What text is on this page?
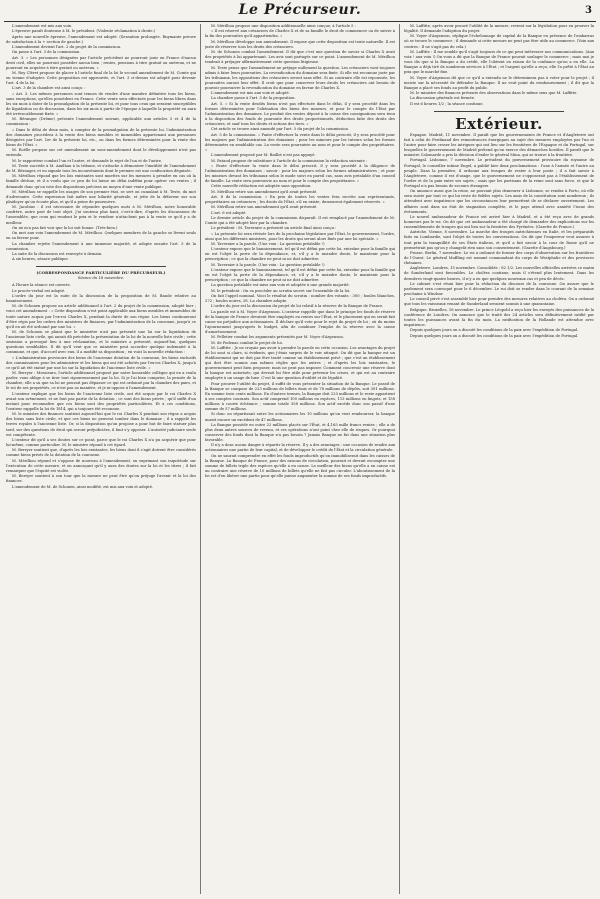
Le Précurseur.	3

L'amendement est mis aux voix.

L'épreuve paraît douteuse à M. le président. (Violente réclamation à droite.)

Après une nouvelle épreuve, l'amendement est adopté. (Sensation prolongée. Ruymante preuve de satisfaction à la + section de gauche.)

L'amendement devient l'art. 2 du projet de la commission.

On passe à l'art. 3 de la commission.

Art. 3. « Les personnes désignées par l'article précédent ne pourront jouir en France d'aucun droit civil, elles ne pourront posséder aucun bien ; rentes, pensions à titre gratuit ou onéreux, et ne pourront en acquérir à titre gratuit ou onéreux. »

M. Roy Cléret propose de placer à l'article final de la loi le second amendement de M. Comte qui en vienne d'adopter. Cette proposition est approuvée, et l'art. 3 ci-dessus est adopté pour devenir l'art. 4 de la loi.

L'art. 3 de la chambre est ainsi conçu :

« Art. 3. Les mêmes personnes sont tenues de vendre d'une manière définitive tous les biens, sans exceptions, qu'elles possèdent en France. Cette vente sera effectuée pour les biens libres dans les six mois à dater de la promulgation de la présente loi, et pour tous ceux qui seraient susceptibles de liquidation ou de discussion, dans les six mois à partir de l'époque à laquelle la propriété en aura été irrévocablement fixée. »

M. Béranger (Drôme) présente l'amendement suivant, applicable aux articles 3 et 4 de la commission :

« Dans le délai de deux mois, à compter de la promulgation de la présente loi, l'administration des domaines procédera à la vente des biens meubles et immeubles appartenant aux personnes désignées par l'art. 1er de la présente loi, etc., ou dans les formes déterminées pour la vente des biens de l'État. »

M. Roëlle propose sur cet amendement un sous-amendement dont le développement n'est pas entendu.

M. le rapporteur combat l'un et l'autre, et demande le rejet de l'un et de l'autre.

M. Teste succède à M. Amilhau à la tribune, et s'attache à démontrer l'inutilité de l'amendement de M. Béranger, et en signale tous les inconvénients dont le premier est une confiscation déguisée.

M. Mérilhou répond que les lois existantes sont muettes sur les mesures à prendre en cas où la famille déchue, et il a voulu que ce peu de loi laisse un délai indéfini pour opérer ces ventes ; il demande donc qu'on vote des dispositions précises au moyen d'une vente publique.

M. Mérilhou se rappelle les usages de son premier état, se sert on cumulant à M. Teste, du mot d'adversaire. Cette expression fait naître une hilarité générale, et jette de la défaveur sur son plaidoyer qu'on écoute plus, et qu'il a peine de poursuivre.

M. Jacobius : il est nécessaire de répondre quelques mots à M. Mérilhou, notre honorable confrère, autre part de tout objet. J'ai soutenu plus haut, c'est-à-dire, d'après les discussions de l'assemblée, que ceux qui rendent le prix et le vendeur n'attachent pas à la vente ce qu'il y a de meilleur.

On ne m'a pas fait voir que la loi soit bonne. (Très-bien.)

On met aux voix l'amendement de M. Mérilhou. Quelques membres de la gauche se lèvent seuls en sa faveur pour.

La chambre rejette l'amendement à une immense majorité, et adopte ensuite l'art. 3 de la commission.

La suite de la discussion est renvoyée à demain.

A six heures, séance publique.

(CORRESPONDANCE PARTICULIÈRE DU PRÉCURSEUR.)

Séance du 18 novembre.

A l'heure la séance est ouverte.

Le procès-verbal est adopté.

L'ordre du jour est la suite de la discussion de la proposition de M. Baude relative au bannissement.

M. de Schonen propose un article additionnel à l'art. 2 du projet de la commission, adopté hier ; voici cet amendement : « Cette disposition n'est point applicable aux biens meubles et immeubles de toute nature acquis par l'ex-roi Charles X, pendant la durée de son règne. Les biens continueront d'être régis par les ordres des ministres de finances, par l'administration de la couronne, jusqu'à ce qu'il en ait été ordonné par une loi. »

M. de Schonen se plaint que le ministère n'ait pas présenté une loi sur la liquidation de l'ancienne liste civile, qui aurait dû précéder la présentation de la loi de la nouvelle liste civile ; cette omission a provoqué lieu à une réclamation, et le ministre a présenté, aujourd'hui, quelques questions semblables. Il dit qu'il veut que ce ministère peut accorder quelque indemnité à la commune, et que, d'accord avec eux, il a modifié sa disposition ; en voici la nouvelle rédaction :

« L'administration provisoire des biens de l'ancienne dotation de la couronne, les biens exclusifs des commissaires pour les administrer et les biens qui ont été achetés par l'ex-roi Charles X, jusqu'à ce qu'il ait été statué par une loi sur la liquidation de l'ancienne liste civile. »

M. Berryer : Messieurs, l'article additionnel proposé par notre honorable collègue qui en a voulu parler, vous oblige à se tirer tout rigoureusement par la loi. Si je l'ai bien comprise, la pensée de la chambre, elle a su que sa loi ne pouvait pas dépasser ce qui est ordonné par la chambre des pairs, et le roi de ses propriétés, ce n'est pas sa manière, et je m'oppose à l'amendement.

L'orateur explique que les biens de l'ancienne liste civile, ont été acquis par le roi Charles X avant son avènement, et ne font pas partie de la dotation ; ce sont des biens privés ; qu'il suffit d'un instant pour reconnaître que ces biens sont des propriétés particulières. Et à ces conditions, l'orateur rappelle la loi de 1814, qui a toujours été reconnue.

M. le ministre des finances soutient aujourd'hui que le roi Charles X pendant son règne a acquis des biens sans liste civile, et que ces biens ne peuvent tomber dans le domaine ; il a rappelé les terres royales à l'ancienne liste. Or, si la disposition qu'on propose a pour but de faire statuer plus tard, sur des questions de droit qui seront préjudiciées, il faut s'y opposer. L'autorité judiciaire seule est compétente.

L'orateur dit qu'il a ses doutes sur ce point, parce que le roi Charles X n'a pu acquérir que pour lui-même, comme particulier. M. le ministre répond à cet égard.

M. Berryer soutient que, d'après les lois existantes, les biens dont il s'agit doivent être considérés comme biens privés de la dotation de la couronne.

M. Mérilhou répond et s'oppose de nouveau à l'amendement, en exprimant son inquiétude sur l'exécution de cette mesure, et en annonçant qu'il y aura des doutes sur la loi et les titres ; il fait remarquer que l'équité est violée.

M. Berryer soutient à son tour que la mesure ne peut être qu'on préjuge l'avenir et la loi des finances.

L'amendement de M. de Schonen, ainsi modifié, est mis aux voix et adopté.

M. Mérilhou propose une disposition additionnelle ainsi conçue, à l'article 5 :

« Il est réservé aux créanciers de Charles X et de sa famille le droit de commencer ou de suivre à la fin des poursuites qu'il appartiendra. »

M. Mérilhou développe son amendement. Il expose que cette disposition est toute naturelle. Il est juste de réserver tous les droits des créanciers.

M. de Schonen combat l'amendement. Il dit que c'est une question de savoir si Charles X avait des propriétés à lui appartenant. Les avis sont partagés sur ce point. L'amendement de M. Mérilhou tendrait à préjuger affirmativement cette question litigieuse.

M. Teste pense que l'amendement ne préjuge nullement la question. Les créanciers vont toujours admis à faire leurs poursuites. La revendication du domaine sera fixée. Si elle est reconnue juste par les tribunaux, les oppositions des créanciers seront sans effet. Si au contraire elle est repoussée, les poursuites auront leur effet. Il croit que pour conserver leurs droits les créanciers ont besoin de pouvoir poursuivre la revendication du domaine en faveur de Charles X.

L'amendement est mis aux voix et adopté.

La chambre passe à l'art. 5 de la proposition.

Art. 5. « Si la vente desdits biens n'est pas effectuée dans le délai, il y sera procédé dans les formes déterminées pour l'aliénation des biens des mineurs, et pour le compte de l'État par l'administration des domaines. Le produit des ventes déposé à la caisse des consignations sera tenu à la disposition des fonds de poursuite des droits proportionnels, déduction faite des droits des créanciers, et sauf tous les droits et actions des tiers. »

Cet article se trouve ainsi amendé par l'art. 5 du projet de la commission.

Art. 5 de la commission. « Faute d'effectuer la vente dans le délai prescrit, il y sera procédé pour les majeurs par l'administration des domaines ; pour les mineurs par les tuteurs selon les formes déterminées en semblable cas. La vente sera poursuivie au nom et pour le compte des propriétaires. »

L'amendement proposé par M. Baillot n'est pas appuyé.

M. Pataud propose de substituer à l'article de la commission la rédaction suivante :

« Faute d'effectuer la vente dans le délai prescrit, il y sera procédé à la diligence de l'administration des domaines ; savoir : pour les majeurs selon les formes administratives ; et pour les mineurs devant les tribunaux selon le mode suivi en pareil cas, sans avis préalable d'un conseil de famille. La vente sera poursuivie au nom et pour le compte des propriétaires. »

Cette nouvelle rédaction est adoptée sans opposition.

M. Mérilhou retire son amendement qu'il avait présenté.

Art. 6 de la commission. « En prix de toutes les ventes fera recette aux représentants, propriétaires ou créanciers ; les droits de l'État, s'il en existe, demeurent également réservés. »

M. Mérilhou retire son amendement qu'il avait présenté.

L'art. 6 est adopté.

Le dernier article du projet de la commission disparaît. Il est remplacé par l'amendement de M. Comte qui a été adopté hier par la chambre.

Le président : M. Tavernier a présenté un article final ainsi conçu :

« La présente loi sera révisée lors de la prochaine législature par l'État, le gouvernement, l'ordre, ainsi que les différents ministres, pour les droits qui seront alors fixés par une loi spéciale. »

M. Tavernier a la parole. (Une voix : La question préalable !)

L'orateur expose que le bannissement, tel qu'il est défini par cette loi, entraîne pour la famille qui en est l'objet la perte de la dépendance, et, s'il y a le moindre doute, le maintenir pour la prescription ; ce que la chambre ne peut ni ne doit admettre.

M. Tavernier à la parole. (Une voix : La question préalable !)

L'orateur expose que le bannissement, tel qu'il est défini par cette loi, entraîne pour la famille qui en est l'objet la perte de la dépendance, et, s'il y a le moindre doute, le maintenir pour la prescription ; ce que la chambre ne peut ni ne doit admettre.

La question préalable est mise aux voix et adoptée à une grande majorité.

M. le président : On va procéder au scrutin secret sur l'ensemble de la loi.

On fait l'appel nominal. Voici le résultat du scrutin : nombre des votants : 300 ; boules blanches, 272 ; boules noires, 28. La chambre adopte.

L'ordre du jour est la discussion du projet de loi relatif à la réserve de la Banque de France.

La parole est à M. Voyer d'Argenson. L'orateur rappelle que dans le principe les fonds de réserve de la banque de France devaient être employés en rentes sur l'État, et le placement qui en serait fait cause un préjudice aux actionnaires. Il déclare qu'il vote pour le rejet du projet de loi ; où du moins l'ajournement jusqu'après le budget, afin de combiner l'emploi de la réserve avec la caisse d'amortissement.

M. Pelletier combat les arguments présentés par M. Voyer d'Argenson.

M. de Podenas combat le projet de loi.

M. Laffitte : Je ne croyais pas avoir à prendre la parole en cette occasion. Les avantages du projet de loi sont si clairs, si évidents, que j'étais surpris de le voir attaqué. On dit que la banque est un établissement qui ne doit pas être traité comme un établissement privé ; que c'est un établissement qui doit être soumis aux mêmes règles que les autres ; et d'après les lois existantes, le gouvernement peut bien proposer, mais ne peut pas imposer. Comment concevoir une réserve dont la banque est autorisée, qui devrait lui être utile pour prévenir les crises, et qui est au contraire employée à un usage de luxe. C'est là une question d'utilité et de légalité.

Pour prouver l'utilité du projet, il suffit de vous présenter la situation de la Banque. Le passif de la Banque se compose de 223 millions de billets émis et de 78 millions de dépôts, soit 301 millions. En somme trois cents millions. En d'autres termes, la Banque doit 223 millions et le reste appartient à ses comptes courants. Son actif comprend 100 millions en espèces, 113 millions en lingots, et 158 millions à courte échéance ; somme totale 358 millions. Son actif excède donc son passif d'une somme de 57 millions.

Si donc on répartissait entre les actionnaires les 10 millions qu'on veut rembourser, la banque aurait encore un excédent de 47 millions.

La Banque possède en outre 22 millions placés sur l'État, et 4,165 mille francs rentes ; elle a de plus deux autres sources de revenu, et ces opérations n'ont point chez elle de risques. Or pourquoi conserver des fonds dont la Banque n'a pas besoin ? Jamais Banque ne fut dans une situation plus favorable.

Il n'y a donc aucun danger à répartir la réserve. Il y a des avantages : une occasion de rendre aux actionnaires une partie de leur capital, et de développer le crédit de l'État et la circulation générale.

On ne saurait comprendre en effet les fonds improductifs qu'on immobiliserait dans les caisses de la Banque. La Banque de France, pour des raisons de circulation, pourrait et devrait escompter une somme de billets triple des espèces qu'elle a en caisse. Le meilleur des biens qu'elle a en caisse est au contraire une réserve de 10 millions de billets qu'elle ne fait pas circuler. L'aboutissement de la loi est d'en libérer une partie pour qu'elle puisse augmenter la somme de ses fonds improductifs.

M. Laffitte, après avoir prouvé l'utilité de la mesure, revient sur la législation pour en prouver la légalité. Il demande l'adoption du projet.

M. Voyer d'Argenson, réplique l'échelonnage de capital de la Banque en présence de l'embarras où se trouve le commerce ; il demande si cette mesure ne peut pas être utile au commerce. (Voix aux centres : Il ne s'agit pas de cela.)

M. Laffitte : Il me semble qu'il s'agit toujours de ce qui peut intéresser nos communications. (Aux voix ! aux voix !) On vous a dit que la Banque de France pouvait soulager le commerce ; mais moi je vous dis que si la Banque a du crédit, elle l'obtient en raison de la confiance qu'on a en elle. La Banque a déjà tiré de nombreux services à l'État ; et l'argent qu'elle a reçu, elle l'a prêté à l'État au prix que le marché fixe.

M. Voyer d'Argenson dit que ce qu'il a entendu ne le déterminera pas à voter pour le projet ; il insiste sur la nécessité de défendre la Banque. Il ne veut point du remboursement ; il dit que la Banque a placé ses fonds au profit du public.

M. le ministre des finances présente des observations dans le même sens que M. Laffitte.

La discussion générale est fermée.

Il est 6 heures 1/2 ; la séance continue.

Extérieur.

Espagne. Madrid, 11 novembre. Il paraît que les gouvernements de France et d'Angleterre ont fait à celui de Ferdinand des remontrances énergiques au sujet des mesures employées par l'un et l'autre pour faire cesser les intrigues qui ont lieu sur les frontières de l'Espagne et du Portugal, sur lesquelles le gouvernement de Madrid prétend qu'on exerce des démarches hostiles. Il paraît que le ministre Calomarde a pris la décision d'exiler le général Mina, qui se trouve à la frontière.

Portugal. Lisbonne, 7 novembre. Le président du gouvernement provisoire du royaume de Portugal, le conseiller intime Engel, a publié hier deux proclamations : l'une à l'armée et l'autre au peuple. Dans la première, il ordonne aux troupes de rester à leur poste ; il a fait savoir à l'Angleterre, comme il est d'usage, que le gouvernement ne s'opposerait pas à l'établissement de l'ordre et de la paix entre ses sujets ; mais que les partisans de la reine sont sans force, et que le Portugal n'a pas besoin de secours étrangers.

On annonce aussi que la reine, ne pouvant plus demeurer à Lisbonne, se rendra à Porto, où elle sera suivie par tout ce qui lui reste de fidèles sujets. Les amis de la constitution sont nombreux ; ils attendent avec impatience que les circonstances leur permettent de se déclarer ouvertement. Les affaires sont dans un état de stagnation complète, et le pays attend avec anxiété l'issue des événements.

Le nouvel ambassadeur de France est arrivé hier à Madrid, et a été reçu avec de grands honneurs par le roi. On dit que cet ambassadeur a été chargé de demander des explications sur les rassemblements de troupes qui ont lieu sur la frontière des Pyrénées. (Gazette de France.)

Autriche. Vienne, 8 novembre. La marche des troupes autrichiennes en Italie, et les préparatifs faits en Lombardie, sont l'objet de toutes les conversations. On dit que l'empereur veut assurer à tout prix la tranquillité de ses États italiens, et qu'il a fait savoir à la cour de Rome qu'il ne permettrait pas qu'on y changeât rien sans son consentement. (Gazette d'Augsbourg.)

Prusse. Berlin, 7 novembre. Le roi a ordonné de former des corps d'observation sur les frontières de l'Ouest. Le général Muffling est nommé commandant du corps de Westphalie et des provinces rhénanes.

Angleterre. Londres, 15 novembre. Consolidés : 82 1/2. Les nouvelles officielles arrivées ce matin de Sunderland sont favorables. Le choléra continue, mais il s'étend plus lentement. Dans les dernières vingt-quatre heures, il n'y a eu que quelques nouveaux cas et peu de décès.

Le cabinet s'est réuni hier pour la rédaction du discours de la couronne. On assure que le parlement sera convoqué pour le 6 décembre. Le roi doit se rendre dans le courant de la semaine prochaine à Windsor.

Le conseil privé s'est assemblé hier pour prendre des mesures relatives au choléra. On a ordonné que tous les vaisseaux venant de Sunderland seraient soumis à une quarantaine.

Belgique. Bruxelles, 16 novembre. Le prince Léopold a reçu hier les envoyés des puissances de la conférence de Londres. On annonce que le traité des 24 articles sera définitivement ratifié par toutes les puissances avant la fin du mois. La ratification de la Hollande est attendue avec impatience.

Depuis quelques jours on a discuté les conditions de la paix avec l'expédition de Portugal.

Depuis quelques jours on a discuté les conditions de la paix avec l'expédition de Portugal.
